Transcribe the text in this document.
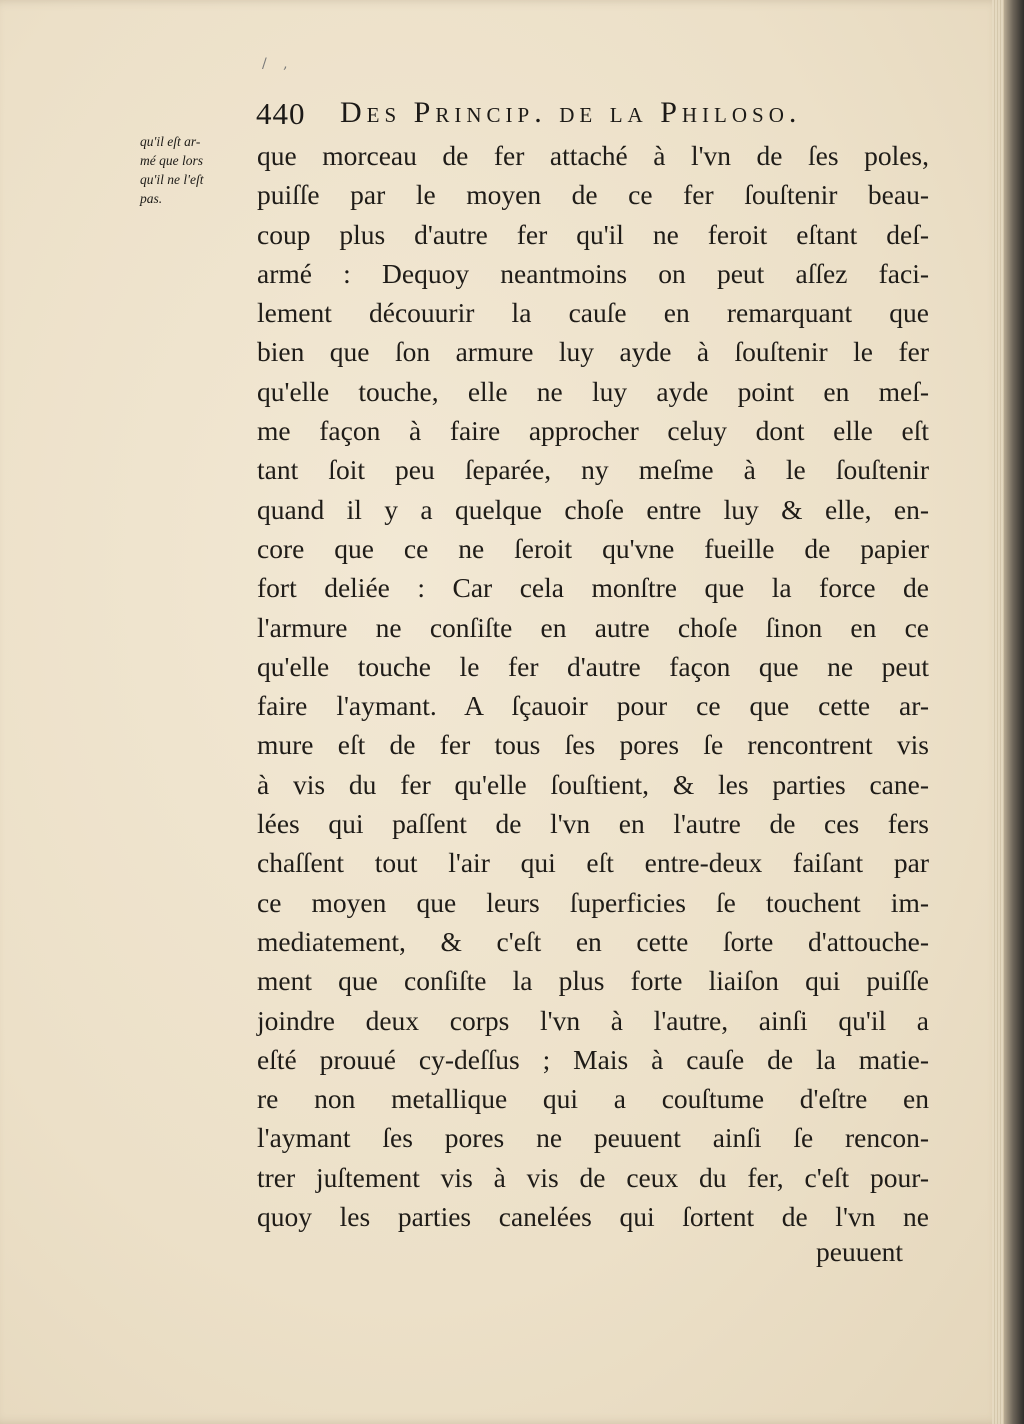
/ ,
440 Des Princip. de la Philoso.
qu'il eſt ar-
mé que lors
qu'il ne l'eſt
pas.
que morceau de fer attaché à l'vn de ſes poles,
puiſſe par le moyen de ce fer ſouſtenir beau-
coup plus d'autre fer qu'il ne feroit eſtant deſ-
armé : Dequoy neantmoins on peut aſſez faci-
lement découurir la cauſe en remarquant que
bien que ſon armure luy ayde à ſouſtenir le fer
qu'elle touche, elle ne luy ayde point en meſ-
me façon à faire approcher celuy dont elle eſt
tant ſoit peu ſeparée, ny meſme à le ſouſtenir
quand il y a quelque choſe entre luy & elle, en-
core que ce ne ſeroit qu'vne fueille de papier
fort deliée : Car cela monſtre que la force de
l'armure ne conſiſte en autre choſe ſinon en ce
qu'elle touche le fer d'autre façon que ne peut
faire l'aymant. A ſçauoir pour ce que cette ar-
mure eſt de fer tous ſes pores ſe rencontrent vis
à vis du fer qu'elle ſouſtient, & les parties cane-
lées qui paſſent de l'vn en l'autre de ces fers
chaſſent tout l'air qui eſt entre-deux faiſant par
ce moyen que leurs ſuperficies ſe touchent im-
mediatement, & c'eſt en cette ſorte d'attouche-
ment que conſiſte la plus forte liaiſon qui puiſſe
joindre deux corps l'vn à l'autre, ainſi qu'il a
eſté prouué cy-deſſus ; Mais à cauſe de la matie-
re non metallique qui a couſtume d'eſtre en
l'aymant ſes pores ne peuuent ainſi ſe rencon-
trer juſtement vis à vis de ceux du fer, c'eſt pour-
quoy les parties canelées qui ſortent de l'vn ne
peuuent
